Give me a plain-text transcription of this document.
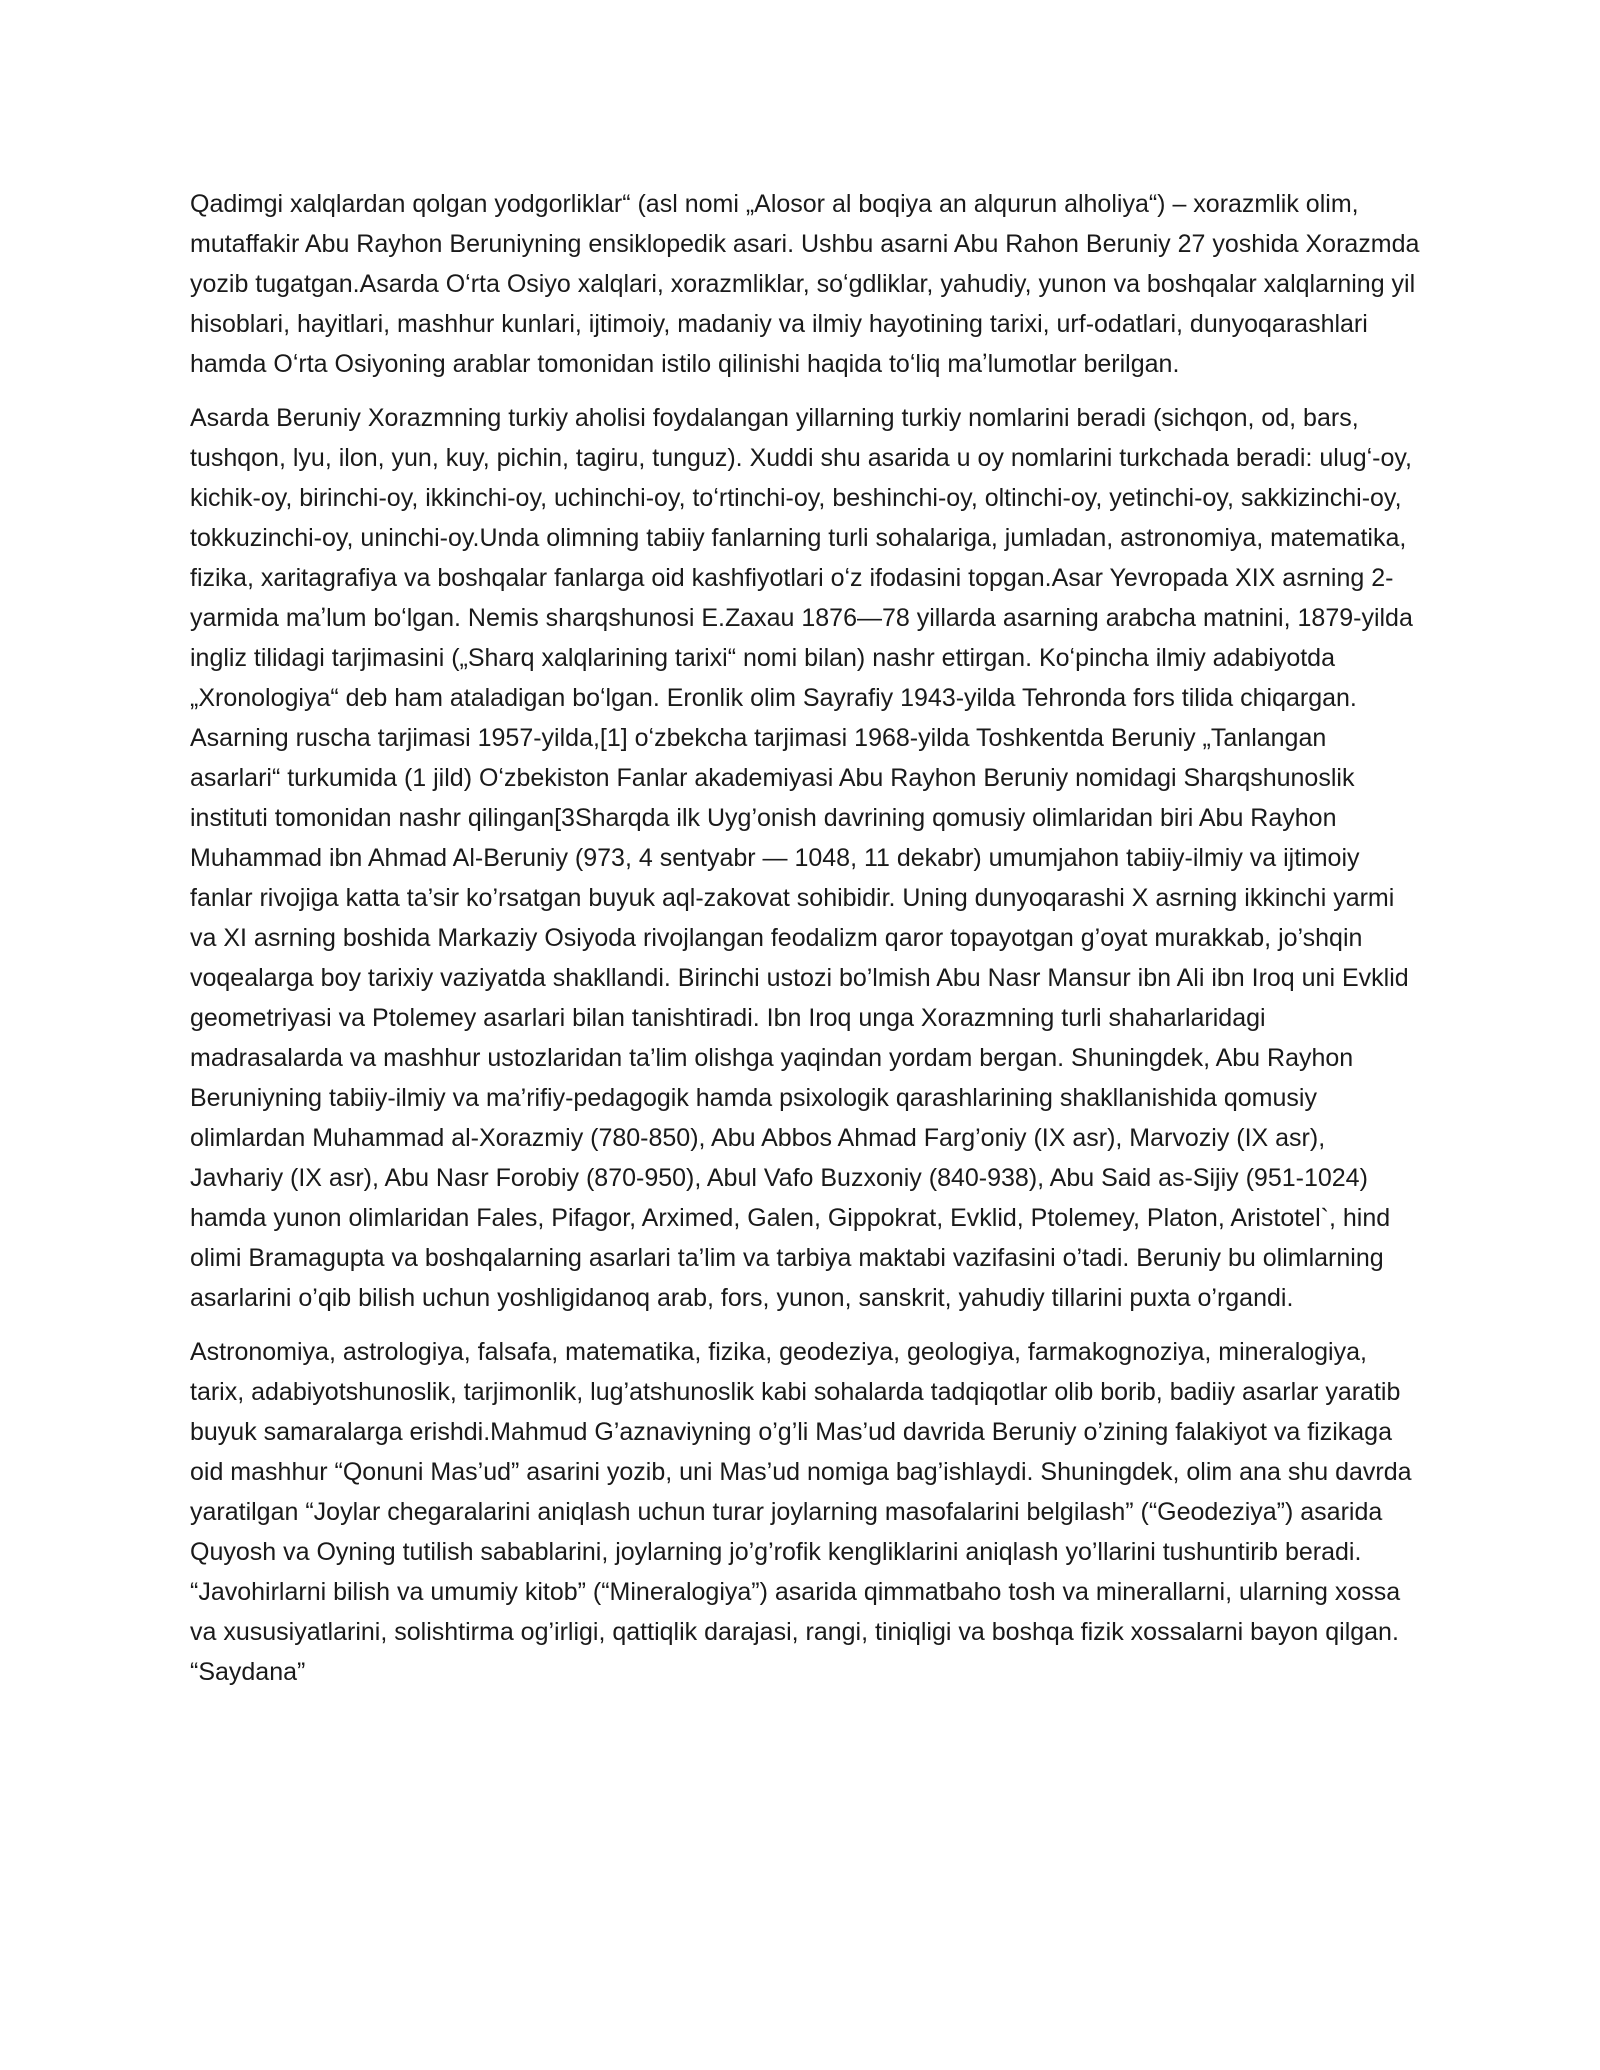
Qadimgi xalqlardan qolgan yodgorliklar“ (asl nomi „Alosor al boqiya an alqurun alholiya“) – xorazmlik olim, mutaffakir Abu Rayhon Beruniyning ensiklopedik asari. Ushbu asarni Abu Rahon Beruniy 27 yoshida Xorazmda yozib tugatgan.Asarda Oʻrta Osiyo xalqlari, xorazmliklar, soʻgdliklar, yahudiy, yunon va boshqalar xalqlarning yil hisoblari, hayitlari, mashhur kunlari, ijtimoiy, madaniy va ilmiy hayotining tarixi, urf-odatlari, dunyoqarashlari hamda Oʻrta Osiyoning arablar tomonidan istilo qilinishi haqida toʻliq maʼlumotlar berilgan.

Asarda Beruniy Xorazmning turkiy aholisi foydalangan yillarning turkiy nomlarini beradi (sichqon, od, bars, tushqon, lyu, ilon, yun, kuy, pichin, tagiru, tunguz). Xuddi shu asarida u oy nomlarini turkchada beradi: ulugʻ-oy, kichik-oy, birinchi-oy, ikkinchi-oy, uchinchi-oy, toʻrtinchi-oy, beshinchi-oy, oltinchi-oy, yetinchi-oy, sakkizinchi-oy, tokkuzinchi-oy, uninchi-oy.Unda olimning tabiiy fanlarning turli sohalariga, jumladan, astronomiya, matematika, fizika, xaritagrafiya va boshqalar fanlarga oid kashfiyotlari oʻz ifodasini topgan.Asar Yevropada XIX asrning 2-yarmida maʼlum boʻlgan. Nemis sharqshunosi E.Zaxau 1876—78 yillarda asarning arabcha matnini, 1879-yilda ingliz tilidagi tarjimasini („Sharq xalqlarining tarixi“ nomi bilan) nashr ettirgan. Koʻpincha ilmiy adabiyotda „Xronologiya“ deb ham ataladigan boʻlgan. Eronlik olim Sayrafiy 1943-yilda Tehronda fors tilida chiqargan. Asarning ruscha tarjimasi 1957-yilda,[1] oʻzbekcha tarjimasi 1968-yilda Toshkentda Beruniy „Tanlangan asarlari“ turkumida (1 jild) Oʻzbekiston Fanlar akademiyasi Abu Rayhon Beruniy nomidagi Sharqshunoslik instituti tomonidan nashr qilingan[3Sharqda ilk Uyg’onish davrining qomusiy olimlaridan biri Abu Rayhon Muhammad ibn Ahmad Al-Beruniy (973, 4 sentyabr — 1048, 11 dekabr) umumjahon tabiiy-ilmiy va ijtimoiy fanlar rivojiga katta ta’sir ko’rsatgan buyuk aql-zakovat sohibidir. Uning dunyoqarashi X asrning ikkinchi yarmi va XI asrning boshida Markaziy Osiyoda rivojlangan feodalizm qaror topayotgan g’oyat murakkab, jo’shqin voqealarga boy tarixiy vaziyatda shakllandi. Birinchi ustozi bo’lmish Abu Nasr Mansur ibn Ali ibn Iroq uni Evklid geometriyasi va Ptolemey asarlari bilan tanishtiradi. Ibn Iroq unga Xorazmning turli shaharlaridagi madrasalarda va mashhur ustozlaridan ta’lim olishga yaqindan yordam bergan. Shuningdek, Abu Rayhon Beruniyning tabiiy-ilmiy va ma’rifiy-pedagogik hamda psixologik qarashlarining shakllanishida qomusiy olimlardan Muhammad al-Xorazmiy (780-850), Abu Abbos Ahmad Farg’oniy (IX asr), Marvoziy (IX asr), Javhariy (IX asr), Abu Nasr Forobiy (870-950), Abul Vafo Buzxoniy (840-938), Abu Said as-Sijiy (951-1024) hamda yunon olimlaridan Fales, Pifagor, Arximed, Galen, Gippokrat, Evklid, Ptolemey, Platon, Aristotel`, hind olimi Bramagupta va boshqalarning asarlari ta’lim va tarbiya maktabi vazifasini o’tadi. Beruniy bu olimlarning asarlarini o’qib bilish uchun yoshligidanoq arab, fors, yunon, sanskrit, yahudiy tillarini puxta o’rgandi.

Astronomiya, astrologiya, falsafa, matematika, fizika, geodeziya, geologiya, farmakognoziya, mineralogiya, tarix, adabiyotshunoslik, tarjimonlik, lug’atshunoslik kabi sohalarda tadqiqotlar olib borib, badiiy asarlar yaratib buyuk samaralarga erishdi.Mahmud G’aznaviyning o’g’li Mas’ud davrida Beruniy o’zining falakiyot va fizikaga oid mashhur “Qonuni Mas’ud” asarini yozib, uni Mas’ud nomiga bag’ishlaydi. Shuningdek, olim ana shu davrda yaratilgan “Joylar chegaralarini aniqlash uchun turar joylarning masofalarini belgilash” (“Geodeziya”) asarida Quyosh va Oyning tutilish sabablarini, joylarning jo’g’rofik kengliklarini aniqlash yo’llarini tushuntirib beradi. “Javohirlarni bilish va umumiy kitob” (“Mineralogiya”) asarida qimmatbaho tosh va minerallarni, ularning xossa va xususiyatlarini, solishtirma og’irligi, qattiqlik darajasi, rangi, tiniqligi va boshqa fizik xossalarni bayon qilgan. “Saydana”
